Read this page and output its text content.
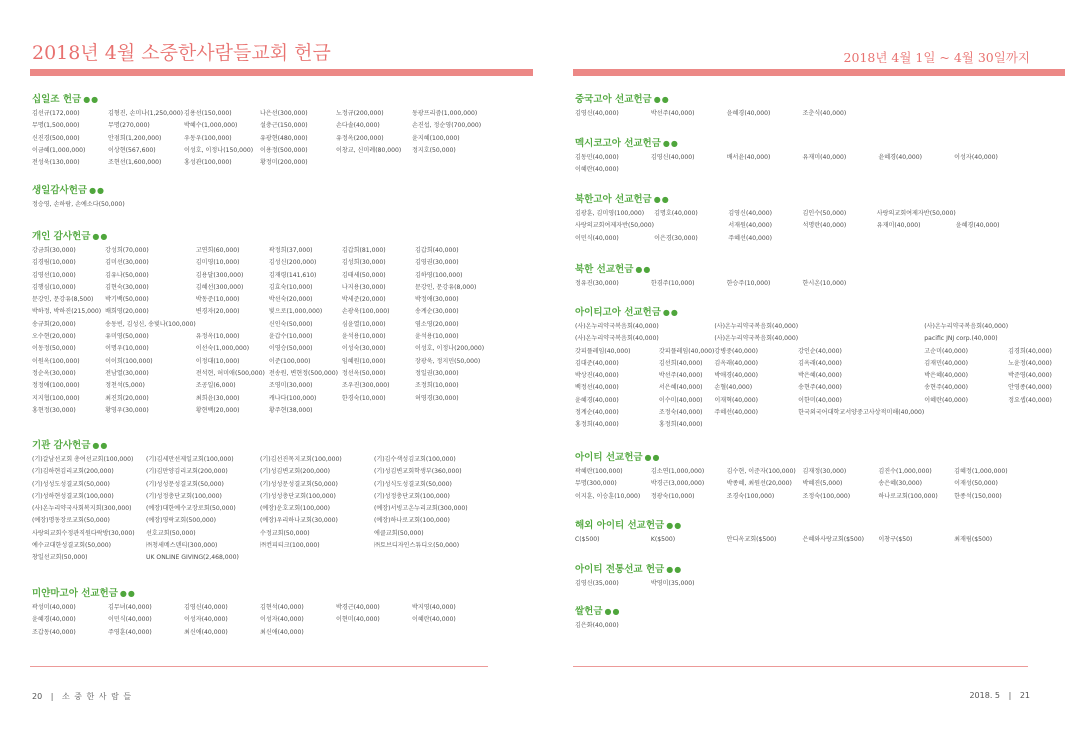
2018년 4월 소중한사람들교회 헌금
십일조 헌금 ●●
김선규(172,000)	김형진, 손미나(1,250,000) 김용선(150,000)	나은선(300,000)	노정규(200,000)	동광프리즘(1,000,000)
무명(1,500,000)	무명(270,000)	박혜수(1,000,000)	설충근(150,000)	손다솔(40,000)	손진섭, 정순영(700,000)
신진경(500,000)	안점희(1,200,000)	우동우(100,000)	유광현(480,000)	유정옥(200,000)	윤지혜(100,000)
이금혜(1,000,000)	이상현(567,600)	이성호, 이정나(150,000)	이용정(500,000)	이창교, 신미례(80,000)	정지호(50,000)
전성욱(130,000)	조현선(1,600,000)	홍성관(100,000)	황정미(200,000)
생일감사헌금 ●●
정승영, 손하람, 손예소다(50,000)
개인 감사헌금 ●●
강금희(30,000)	강성희(70,000)	고연희(60,000)	곽정희(37,000)	김갑희(81,000)	김갑희(40,000)
김경림(10,000)	김미선(30,000)	김미영(10,000)	김성신(200,000)	김성희(30,000)	김영권(30,000)
김영선(10,000)	김유나(50,000)	김용달(300,000)	김재령(141,610)	김태세(50,000)	김하영(100,000)
김행심(10,000)	김현숙(30,000)	김혜선(300,000)	김효숙(10,000)	나지용(30,000)	문강인, 문강유(8,000)
문강인, 문강유(8,500)	박기백(50,000)	박동준(10,000)	박선숙(20,000)	박세준(20,000)	박정애(30,000)
박하정, 박하진(215,000) 배희영(20,000)	변경자(20,000)	빛으로(1,000,000)	손광욱(100,000)	송계순(30,000)
송규회(20,000)	송동빈, 김성신, 송빛나(100,000)	신인숙(50,000)	심윤열(10,000)	염소영(20,000)
오수현(20,000)	유미영(50,000)	유정옥(10,000)	윤갑수(10,000)	윤석용(10,000)	윤석용(10,000)
이동정(50,000)	이명우(10,000)	이선숙(1,000,000)	이영승(50,000)	이성숙(30,000)	이성호, 이정나(200,000)
이원옥(100,000)	이이희(100,000)	이정대(10,000)	이준(100,000)	임혜원(10,000)	장광욱, 정지민(50,000)
정순옥(30,000)	전남열(30,000)	전석현, 허미애(500,000) 전송원, 변현정(500,000) 정선옥(50,000)	정일권(30,000)
정정애(100,000)	정천석(5,000)	조공일(6,000)	조영미(30,000)	조우진(300,000)	조정희(10,000)
지지협(100,000)	최진희(20,000)	최희윤(30,000)	캐나다(100,000)	한경숙(10,000)	허영경(30,000)
홍현정(30,000)	황영우(30,000)	황현백(20,000)	황주현(38,000)
기관 감사헌금 ●●
(기)갈남선교회 총여선교회(100,000)	(기)김세만선제일교회(100,000)	(기)김선진목지교회(100,000)	(기)김수색성김교회(100,000)
(기)김하현김리교회(200,000)	(기)김만양김리교회(200,000)	(기)성김변교회(200,000)	(기)성김변교회학생부(360,000)
(기)성성도성결교회(50,000)	(기)성성문성결교회(50,000)	(기)성성문성결교회(50,000)	(기)성식도성결교회(50,000)
(기)성하현성결교회(100,000)	(기)성정충단교회(100,000)	(기)성성충단교회(100,000)	(기)성정충단교회(100,000)
(사)온누리약국사회복지회(300,000)	(예장)대한예수교장로회(50,000)	(예장)운호교회(100,000)	(예장)서빙고온누리교회(300,000)
(예장)명동장로교회(50,000)	(예장)영락교회(500,000)	(예장)우리하나교회(30,000)	(예장)하나로교회(100,000)
사랑의교회수정관직원다락방(30,000)	선호교회(50,000)	수정교회(50,000)	에클교회(50,000)
예수교대한성결교회(50,000)	㈜청세메스덴티(300,000)	㈜컨피티크(100,000)	㈜토브디자인스튜디오(50,000)
창일선교회(50,000)	UK ONLINE GIVING(2,468,000)
미얀마고아 선교헌금 ●●
곽성미(40,000)	김무녀(40,000)	김영신(40,000)	김현석(40,000)	박경근(40,000)	박지영(40,000)
윤혜경(40,000)	이민식(40,000)	이성자(40,000)	이성자(40,000)	이현미(40,000)	이혜란(40,000)
조갑동(40,000)	주영훈(40,000)	최신애(40,000)	최신애(40,000)
20 | 소 중 한 사 람 들
2018년 4월 1일 ~ 4월 30일까지
중국고아 선교헌금 ●●
김영신(40,000)	박선주(40,000)	윤혜경(40,000)	조춘식(40,000)
멕시코고아 선교헌금 ●●
김동민(40,000)	김영신(40,000)	배서윤(40,000)	유재미(40,000)	윤혜경(40,000)	이성자(40,000)
이혜란(40,000)
북한고아 선교헌금 ●●
김광훈, 김미영(100,000)	김명호(40,000)	김영신(40,000)	김인수(50,000)	사랑의교회여제자반(50,000)
사랑의교회여제자반(50,000)	서재원(40,000)	석명란(40,000)	유재미(40,000)	윤혜경(40,000)
이민식(40,000)	이은경(30,000)	주혜선(40,000)
북한 선교헌금 ●●
정유진(30,000)	한겸주(10,000)	한승주(10,000)	한시온(10,000)
아이티고아 선교헌금 ●●
(사)온누리약국복음회(40,000)	(사)온누리약국복음회(40,000)	(사)온누리약국복음회(40,000)
(사)온누리약국복음회(40,000)	(사)온누리약국복음회(40,000)	pacific JNJ corp.(40,000)
갓피플레임(40,000)	갓피플레임(40,000) 강병중(40,000)	강인순(40,000)	고순미(40,000)	김경희(40,000)
김대준(40,000)	김선희(40,000)	김옥래(40,000)	김옥래(40,000)	김재민(40,000)	노윤정(40,000)
박상진(40,000)	박선주(40,000)	박애경(40,000)	박은혜(40,000)	박은혜(40,000)	박준영(40,000)
백정선(40,000)	서은혜(40,000)	손혈(40,000)	송현주(40,000)	송현주(40,000)	안영종(40,000)
윤혜경(40,000)	이수미(40,000)	이재혁(40,000)	이한미(40,000)	이혜란(40,000)	정요셉(40,000)
정계순(40,000)	조정숙(40,000)	주혜선(40,000)	한국외국어대학교서양중고사상적미해(40,000)
홍정희(40,000)	홍정희(40,000)
아이티 선교헌금 ●●
곽혜란(100,000)	김소연(1,000,000)	김수현, 이준자(100,000)	김재정(30,000)	김진수(1,000,000)	김혜정(1,000,000)
무명(300,000)	박경근(3,000,000)	박종혜, 최원선(20,000)	박혜진(5,000)	송은혜(30,000)	이재성(50,000)
이지훈, 이승훈(10,000)	정광숙(10,000)	조경숙(100,000)	조정숙(100,000)	하나로교회(100,000)	한종석(150,000)
해외 아이티 선교헌금 ●●
C($500)	K($500)	안디옥교회($500)	은혜와사랑교회($500)	이창구($50)	최재림($500)
아이티 전통선교 헌금 ●●
김영신(35,000)	박영미(35,000)
쌀헌금 ●●
김은화(40,000)
2018. 5 | 21
